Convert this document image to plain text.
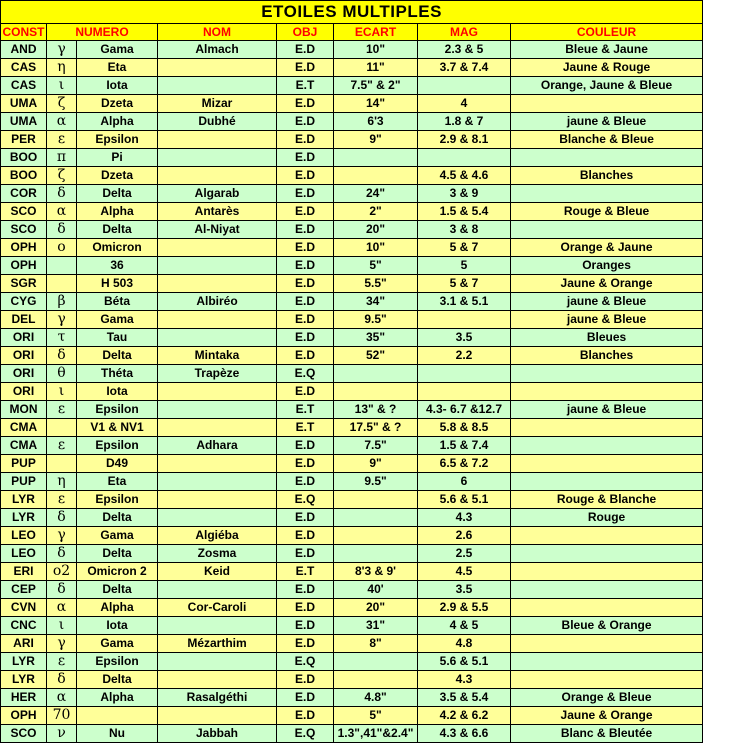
ETOILES MULTIPLES							
CONST	NUMERO		NOM	OBJ	ECART	MAG	COULEUR
AND	γ	Gama	Almach	E.D	10"	2.3 & 5	Bleue & Jaune
CAS	η	Eta		E.D	11"	3.7 & 7.4	Jaune & Rouge
CAS	ι	Iota		E.T	7.5" & 2"		Orange, Jaune & Bleue
UMA	ζ	Dzeta	Mizar	E.D	14"	4	
UMA	α	Alpha	Dubhé	E.D	6'3	1.8 & 7	jaune & Bleue
PER	ε	Epsilon		E.D	9"	2.9 & 8.1	Blanche & Bleue
BOO	π	Pi		E.D			
BOO	ζ	Dzeta		E.D		4.5 & 4.6	Blanches
COR	δ	Delta	Algarab	E.D	24"	3 & 9	
SCO	α	Alpha	Antarès	E.D	2"	1.5 & 5.4	Rouge & Bleue
SCO	δ	Delta	Al-Niyat	E.D	20"	3 & 8	
OPH	ο	Omicron		E.D	10"	5 & 7	Orange & Jaune
OPH		36		E.D	5"	5	Oranges
SGR		H 503		E.D	5.5"	5 & 7	Jaune & Orange
CYG	β	Béta	Albiréo	E.D	34"	3.1 & 5.1	jaune & Bleue
DEL	γ	Gama		E.D	9.5"		jaune & Bleue
ORI	τ	Tau		E.D	35"	3.5	Bleues
ORI	δ	Delta	Mintaka	E.D	52"	2.2	Blanches
ORI	θ	Théta	Trapèze	E.Q			
ORI	ι	Iota		E.D			
MON	ε	Epsilon		E.T	13" & ?	4.3- 6.7 &12.7	jaune & Bleue
CMA		V1 & NV1		E.T	17.5" & ?	5.8 & 8.5	
CMA	ε	Epsilon	Adhara	E.D	7.5"	1.5 & 7.4	
PUP		D49		E.D	9"	6.5 & 7.2	
PUP	η	Eta		E.D	9.5"	6	
LYR	ε	Epsilon		E.Q		5.6 & 5.1	Rouge & Blanche
LYR	δ	Delta		E.D		4.3	Rouge
LEO	γ	Gama	Algiéba	E.D		2.6	
LEO	δ	Delta	Zosma	E.D		2.5	
ERI	ο2	Omicron 2	Keid	E.T	8'3 & 9'	4.5	
CEP	δ	Delta		E.D	40'	3.5	
CVN	α	Alpha	Cor-Caroli	E.D	20"	2.9 & 5.5	
CNC	ι	Iota		E.D	31"	4 & 5	Bleue & Orange
ARI	γ	Gama	Mézarthim	E.D	8"	4.8	
LYR	ε	Epsilon		E.Q		5.6 & 5.1	
LYR	δ	Delta		E.D		4.3	
HER	α	Alpha	Rasalgéthi	E.D	4.8"	3.5 & 5.4	Orange & Bleue
OPH	70			E.D	5"	4.2 & 6.2	Jaune & Orange
SCO	ν	Nu	Jabbah	E.Q	1.3",41"&2.4"	4.3 & 6.6	Blanc & Bleutée
